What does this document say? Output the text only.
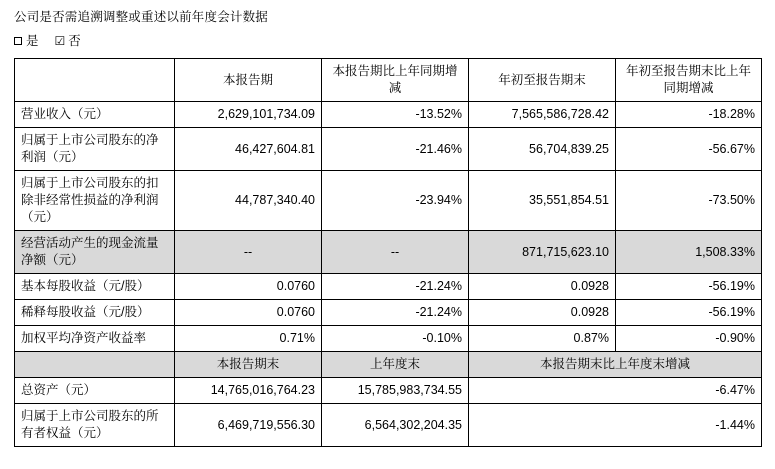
公司是否需追溯调整或重述以前年度会计数据
是 ☑ 否
	本报告期	本报告期比上年同期增减	年初至报告期末	年初至报告期末比上年同期增减
营业收入（元）	2,629,101,734.09	-13.52%	7,565,586,728.42	-18.28%
归属于上市公司股东的净利润（元）	46,427,604.81	-21.46%	56,704,839.25	-56.67%
归属于上市公司股东的扣除非经常性损益的净利润（元）	44,787,340.40	-23.94%	35,551,854.51	-73.50%
经营活动产生的现金流量净额（元）	--	--	871,715,623.10	1,508.33%
基本每股收益（元/股）	0.0760	-21.24%	0.0928	-56.19%
稀释每股收益（元/股）	0.0760	-21.24%	0.0928	-56.19%
加权平均净资产收益率	0.71%	-0.10%	0.87%	-0.90%
	本报告期末	上年度末	本报告期末比上年度末增减	
总资产（元）	14,765,016,764.23	15,785,983,734.55	-6.47%	
归属于上市公司股东的所有者权益（元）	6,469,719,556.30	6,564,302,204.35	-1.44%	
